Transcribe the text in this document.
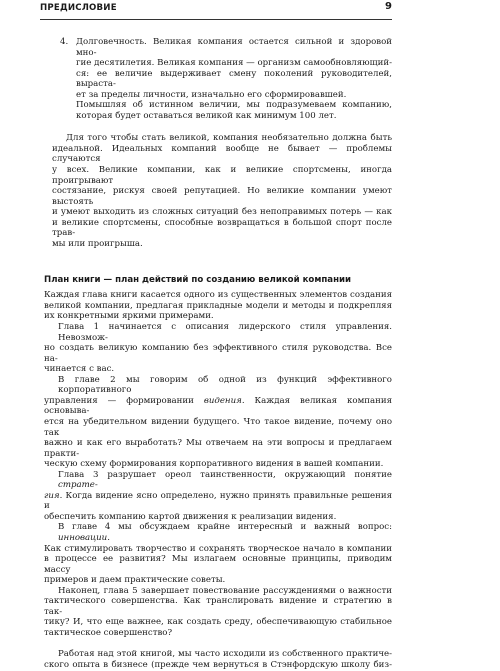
ПРЕДИСЛОВИЕ	9
4. Долговечность. Великая компания остается сильной и здоровой мно-
гие десятилетия. Великая компания — организм самообновляющий-
ся: ее величие выдерживает смену поколений руководителей, выраста-
ет за пределы личности, изначально его сформировавшей.
Помышляя об истинном величии, мы подразумеваем компанию,
которая будет оставаться великой как минимум 100 лет.
Для того чтобы стать великой, компания необязательно должна быть
идеальной. Идеальных компаний вообще не бывает — проблемы случаются
у всех. Великие компании, как и великие спортсмены, иногда проигрывают
состязание, рискуя своей репутацией. Но великие компании умеют выстоять
и умеют выходить из сложных ситуаций без непоправимых потерь — как
и великие спортсмены, способные возвращаться в большой спорт после трав-
мы или проигрыша.
План книги — план действий по созданию великой компании
Каждая глава книги касается одного из существенных элементов создания
великой компании, предлагая прикладные модели и методы и подкрепляя
их конкретными яркими примерами.
Глава 1 начинается с описания лидерского стиля управления. Невозмож-
но создать великую компанию без эффективного стиля руководства. Все на-
чинается с вас.
В главе 2 мы говорим об одной из функций эффективного корпоративного
управления — формировании видения. Каждая великая компания основыва-
ется на убедительном видении будущего. Что такое видение, почему оно так
важно и как его выработать? Мы отвечаем на эти вопросы и предлагаем практи-
ческую схему формирования корпоративного видения в вашей компании.
Глава 3 разрушает ореол таинственности, окружающий понятие страте-
гия. Когда видение ясно определено, нужно принять правильные решения и
обеспечить компанию картой движения к реализации видения.
В главе 4 мы обсуждаем крайне интересный и важный вопрос: инновации.
Как стимулировать творчество и сохранять творческое начало в компании
в процессе ее развития? Мы излагаем основные принципы, приводим массу
примеров и даем практические советы.
Наконец, глава 5 завершает повествование рассуждениями о важности
тактического совершенства. Как транслировать видение и стратегию в так-
тику? И, что еще важнее, как создать среду, обеспечивающую стабильное
тактическое совершенство?
Работая над этой книгой, мы часто исходили из собственного практиче-
ского опыта в бизнесе (прежде чем вернуться в Стэнфордскую школу биз-
